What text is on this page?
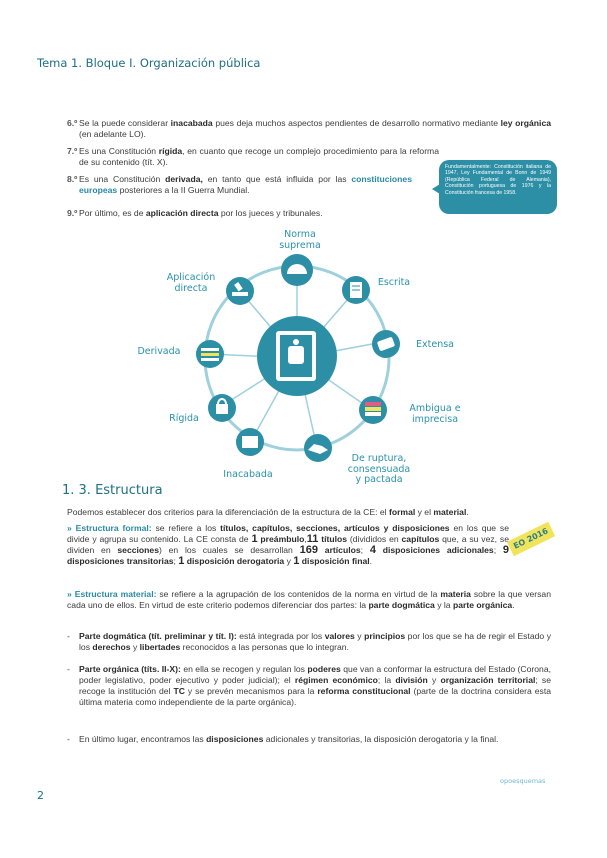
Tema 1. Bloque I. Organización pública
6.º Se la puede considerar inacabada pues deja muchos aspectos pendientes de desarrollo normativo mediante ley orgánica (en adelante LO).
7.º Es una Constitución rígida, en cuanto que recoge un complejo procedimiento para la reforma de su contenido (tít. X).
8.º Es una Constitución derivada, en tanto que está influida por las constituciones europeas posteriores a la II Guerra Mundial.
9.º Por último, es de aplicación directa por los jueces y tribunales.
Fundamentalmente: Constitución italiana de 1947, Ley Fundamental de Bonn de 1949 (República Federal de Alemania), Constitución portuguesa de 1976 y la Constitución francesa de 1958.
Norma
suprema
Escrita
Extensa
Ambigua e
imprecisa
De ruptura,
consensuada
y pactada
Inacabada
Rígida
Derivada
Aplicación
directa
1. 3. Estructura
Podemos establecer dos criterios para la diferenciación de la estructura de la CE: el formal y el material.
» Estructura formal: se refiere a los títulos, capítulos, secciones, artículos y disposiciones en los que se divide y agrupa su contenido. La CE consta de 1 preámbulo,11 títulos (divididos en capítulos que, a su vez, se dividen en secciones) en los cuales se desarrollan 169 artículos; 4 disposiciones adicionales; 9 disposiciones transitorias; 1 disposición derogatoria y 1 disposición final.
EO 2016
» Estructura material: se refiere a la agrupación de los contenidos de la norma en virtud de la materia sobre la que versan cada uno de ellos. En virtud de este criterio podemos diferenciar dos partes: la parte dogmática y la parte orgánica.
- Parte dogmática (tít. preliminar y tít. I): está integrada por los valores y principios por los que se ha de regir el Estado y los derechos y libertades reconocidos a las personas que lo integran.
- Parte orgánica (títs. II-X): en ella se recogen y regulan los poderes que van a conformar la estructura del Estado (Corona, poder legislativo, poder ejecutivo y poder judicial); el régimen económico; la división y organización territorial; se recoge la institución del TC y se prevén mecanismos para la reforma constitucional (parte de la doctrina considera esta última materia como independiente de la parte orgánica).
- En último lugar, encontramos las disposiciones adicionales y transitorias, la disposición derogatoria y la final.
opoesquemas
2
